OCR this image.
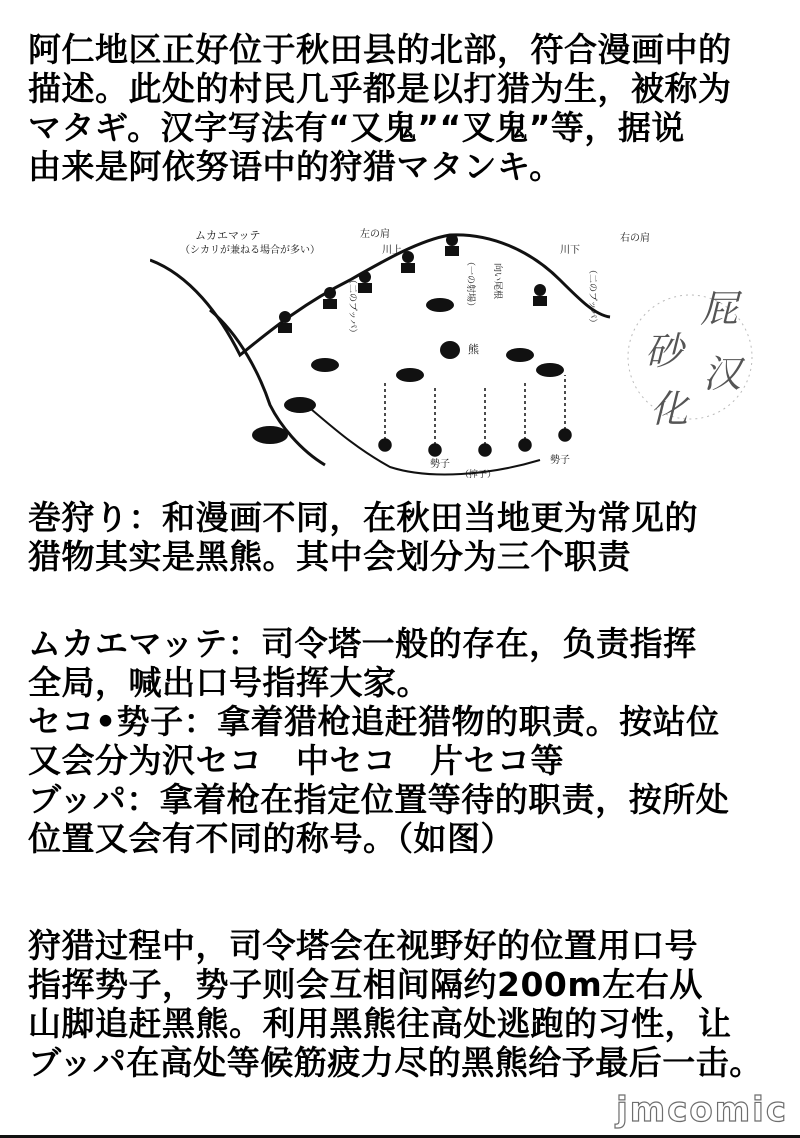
阿仁地区正好位于秋田县的北部，符合漫画中的
描述。此处的村民几乎都是以打猎为生，被称为
マタギ。汉字写法有“又鬼”“叉鬼”等，据说
由来是阿依努语中的狩猎マタンキ。
ムカエマッテ
（シカリが兼ねる場合が多い）
左の肩
（二のブッパ）
川上
（一の射場） 向い尾根
川下
右の肩
（二のブッパ）
熊
勢子
（搾子）
勢子
屁
砂
汉
化
巻狩り：和漫画不同，在秋田当地更为常见的
猎物其实是黑熊。其中会划分为三个职责
ムカエマッテ：司令塔一般的存在，负责指挥
全局，喊出口号指挥大家。
セコ•势子：拿着猎枪追赶猎物的职责。按站位
又会分为沢セコ　中セコ　片セコ等
ブッパ：拿着枪在指定位置等待的职责，按所处
位置又会有不同的称号。（如图）
狩猎过程中，司令塔会在视野好的位置用口号
指挥势子，势子则会互相间隔约200m左右从
山脚追赶黑熊。利用黑熊往高处逃跑的习性，让
ブッパ在高处等候筋疲力尽的黑熊给予最后一击。
jmcomic
